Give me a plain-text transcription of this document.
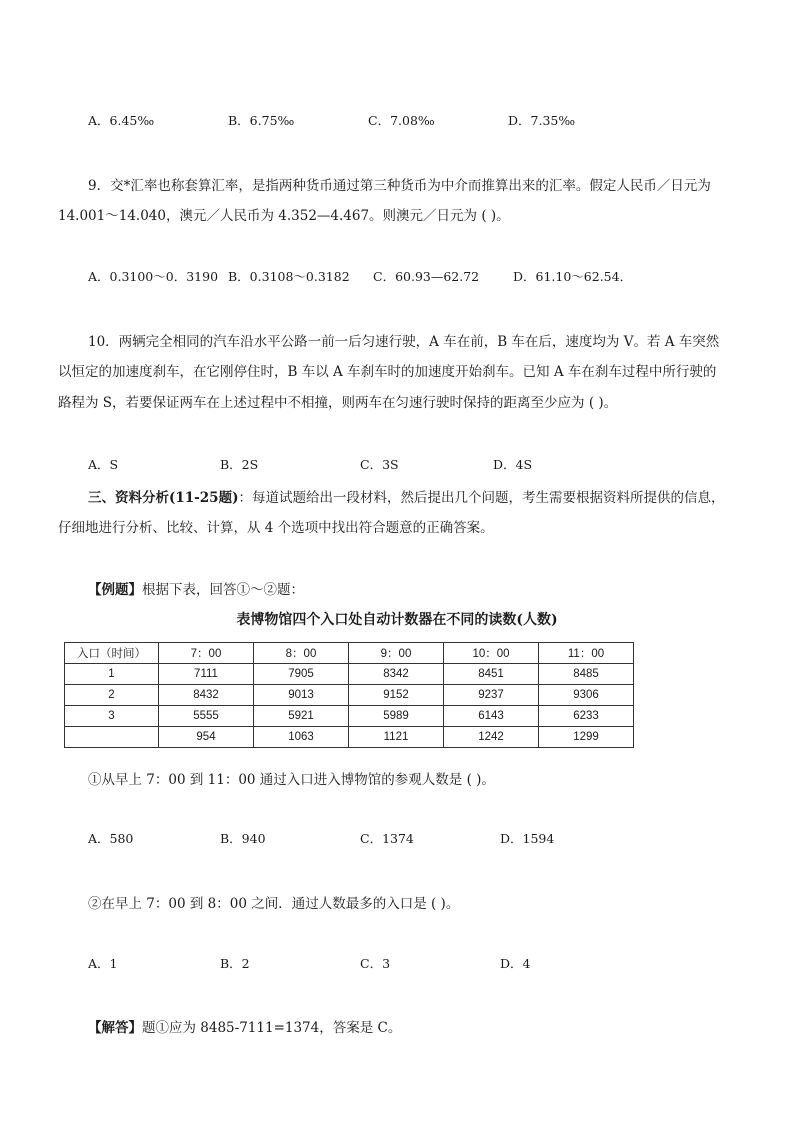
A．6.45‰	B．6.75‰	C．7.08‰	D．7.35‰
9．交*汇率也称套算汇率，是指两种货币通过第三种货币为中介而推算出来的汇率。假定人民币／日元为
14.001～14.040，澳元／人民币为 4.352—4.467。则澳元／日元为 ( )。
A．0.3100～0．3190 B．0.3108～0.3182 C．60.93—62.72	D．61.10～62.54．
10．两辆完全相同的汽车沿水平公路一前一后匀速行驶，A 车在前，B 车在后，速度均为 V。若 A 车突然
以恒定的加速度刹车，在它刚停住时，B 车以 A 车刹车时的加速度开始刹车。已知 A 车在刹车过程中所行驶的
路程为 S，若要保证两车在上述过程中不相撞，则两车在匀速行驶时保持的距离至少应为 ( )。
A．S	B．2S	C．3S	D．4S
三、资料分析(11-25题)：每道试题给出一段材料，然后提出几个问题，考生需要根据资料所提供的信息，
仔细地进行分析、比较、计算，从 4 个选项中找出符合题意的正确答案。
【例题】根据下表，回答①～②题：
表博物馆四个入口处自动计数器在不同的读数(人数)
入口（时间）	7：00	8：00	9：00	10：00	11：00
1	7111	7905	8342	8451	8485
2	8432	9013	9152	9237	9306
3	5555	5921	5989	6143	6233
	954	1063	1121	1242	1299
①从早上 7：00 到 11：00 通过入口进入博物馆的参观人数是 ( )。
A．580	B．940	C．1374	D．1594
②在早上 7：00 到 8：00 之间．通过人数最多的入口是 ( )。
A．1	B．2	C．3	D．4
【解答】题①应为 8485-7111=1374，答案是 C。
